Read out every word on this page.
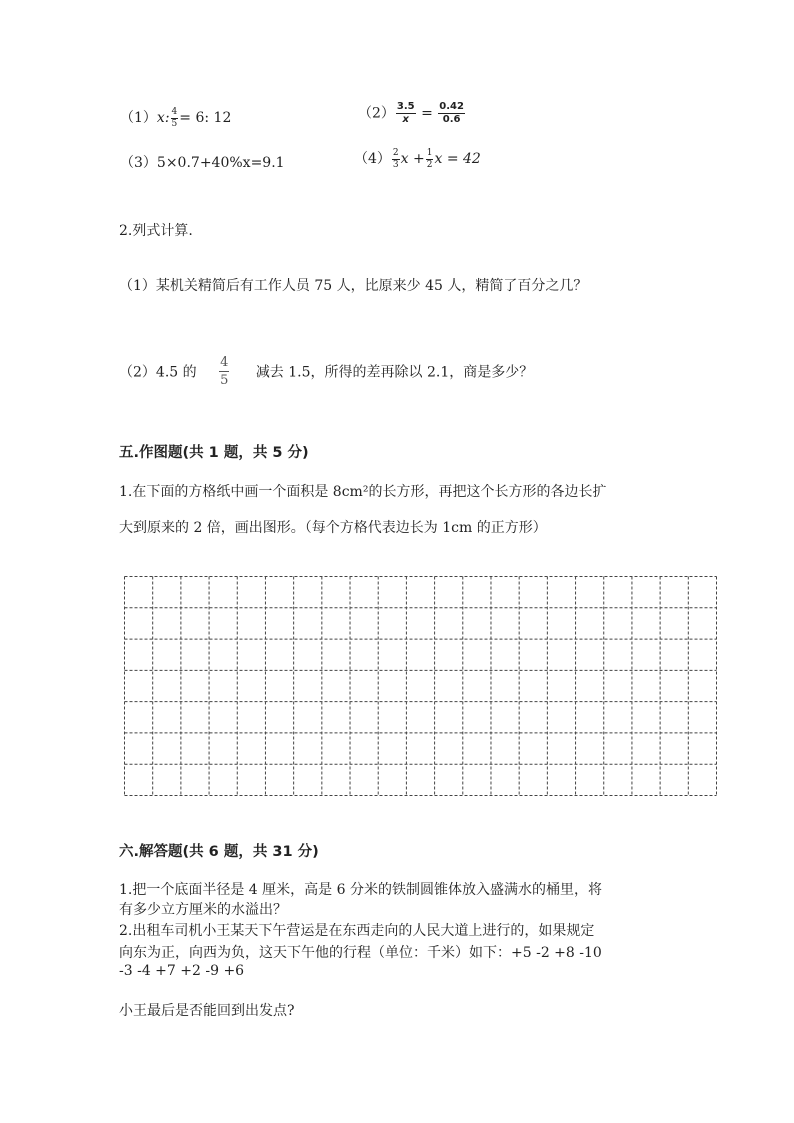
（1）x: $\frac{4}{5} = 6$: 12	$(2) \frac{3.5}{x} = \frac{0.42}{0.6}$
（3）5×0.7+40%x=9.1	$(4) \frac{2}{3}$ $x + \frac{1}{2}$ x = 42
2.列式计算.
（1）某机关精简后有工作人员 75 人，比原来少 45 人，精简了百分之几？
（2）4.5 的 $\frac{4}{5}$ 减去 1.5，所得的差再除以 2.1，商是多少？
五.作图题(共 1 题，共 5 分)
1.在下面的方格纸中画一个面积是 8cm²的长方形，再把这个长方形的各边长扩
大到原来的 2 倍，画出图形。（每个方格代表边长为 1cm 的正方形）
六.解答题(共 6 题，共 31 分)
1.把一个底面半径是 4 厘米，高是 6 分米的铁制圆锥体放入盛满水的桶里，将
有多少立方厘米的水溢出？
2.出租车司机小王某天下午营运是在东西走向的人民大道上进行的，如果规定
向东为正，向西为负，这天下午他的行程（单位：千米）如下：+5 -2 +8 -10
-3 -4 +7 +2 -9 +6
小王最后是否能回到出发点?
